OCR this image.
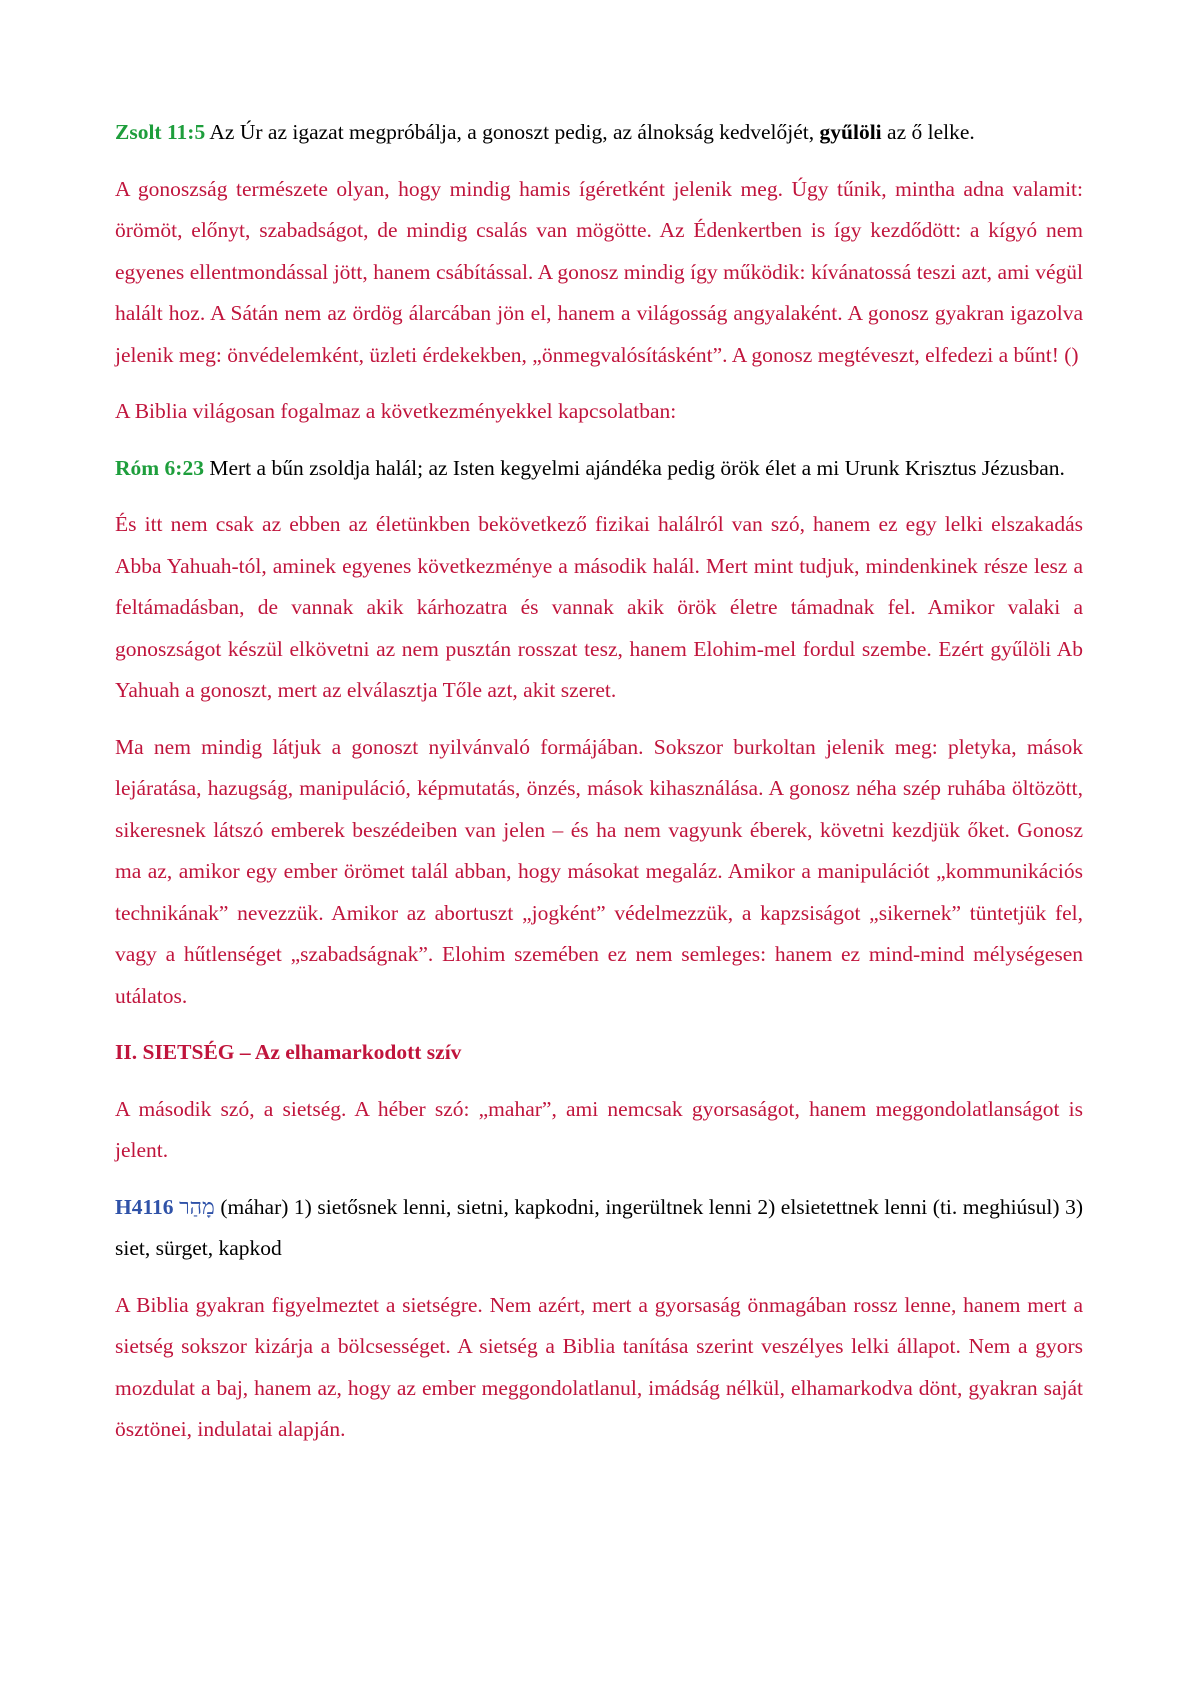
Zsolt 11:5 Az Úr az igazat megpróbálja, a gonoszt pedig, az álnokság kedvelőjét, gyűlöli az ő lelke.

A gonoszság természete olyan, hogy mindig hamis ígéretként jelenik meg. Úgy tűnik, mintha adna valamit: örömöt, előnyt, szabadságot, de mindig csalás van mögötte. Az Édenkertben is így kezdődött: a kígyó nem egyenes ellentmondással jött, hanem csábítással. A gonosz mindig így működik: kívánatossá teszi azt, ami végül halált hoz. A Sátán nem az ördög álarcában jön el, hanem a világosság angyalaként. A gonosz gyakran igazolva jelenik meg: önvédelemként, üzleti érdekekben, „önmegvalósításként”. A gonosz megtéveszt, elfedezi a bűnt! ()

A Biblia világosan fogalmaz a következményekkel kapcsolatban:

Róm 6:23 Mert a bűn zsoldja halál; az Isten kegyelmi ajándéka pedig örök élet a mi Urunk Krisztus Jézusban.

És itt nem csak az ebben az életünkben bekövetkező fizikai halálról van szó, hanem ez egy lelki elszakadás Abba Yahuah-tól, aminek egyenes következménye a második halál. Mert mint tudjuk, mindenkinek része lesz a feltámadásban, de vannak akik kárhozatra és vannak akik örök életre támadnak fel. Amikor valaki a gonoszságot készül elkövetni az nem pusztán rosszat tesz, hanem Elohim-mel fordul szembe. Ezért gyűlöli Ab Yahuah a gonoszt, mert az elválasztja Tőle azt, akit szeret.

Ma nem mindig látjuk a gonoszt nyilvánvaló formájában. Sokszor burkoltan jelenik meg: pletyka, mások lejáratása, hazugság, manipuláció, képmutatás, önzés, mások kihasználása. A gonosz néha szép ruhába öltözött, sikeresnek látszó emberek beszédeiben van jelen – és ha nem vagyunk éberek, követni kezdjük őket. Gonosz ma az, amikor egy ember örömet talál abban, hogy másokat megaláz. Amikor a manipulációt „kommunikációs technikának” nevezzük. Amikor az abortuszt „jogként” védelmezzük, a kapzsiságot „sikernek” tüntetjük fel, vagy a hűtlenséget „szabadságnak”. Elohim szemében ez nem semleges: hanem ez mind-mind mélységesen utálatos.

II. SIETSÉG – Az elhamarkodott szív

A második szó, a sietség. A héber szó: „mahar”, ami nemcsak gyorsaságot, hanem meggondolatlanságot is jelent.

H4116 מָהַר (máhar) 1) sietősnek lenni, sietni, kapkodni, ingerültnek lenni 2) elsietettnek lenni (ti. meghiúsul) 3) siet, sürget, kapkod

A Biblia gyakran figyelmeztet a sietségre. Nem azért, mert a gyorsaság önmagában rossz lenne, hanem mert a sietség sokszor kizárja a bölcsességet. A sietség a Biblia tanítása szerint veszélyes lelki állapot. Nem a gyors mozdulat a baj, hanem az, hogy az ember meggondolatlanul, imádság nélkül, elhamarkodva dönt, gyakran saját ösztönei, indulatai alapján.
